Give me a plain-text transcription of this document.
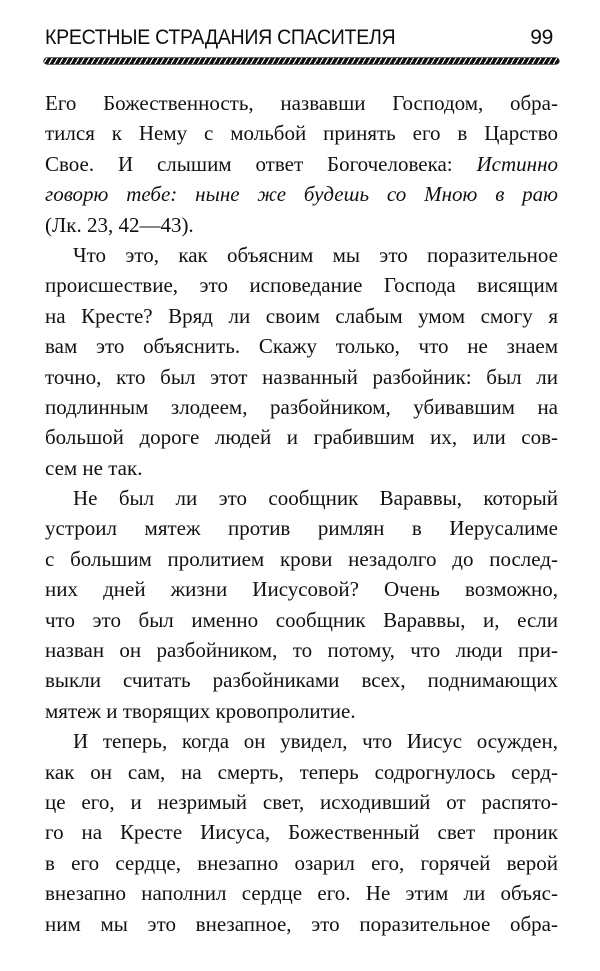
КРЕСТНЫЕ СТРАДАНИЯ СПАСИТЕЛЯ	99
Его Божественность, назвавши Господом, обра-
тился к Нему с мольбой принять его в Царство
Свое. И слышим ответ Богочеловека: Истинно
говорю тебе: ныне же будешь со Мною в раю
(Лк. 23, 42—43).
Что это, как объясним мы это поразительное
происшествие, это исповедание Господа висящим
на Кресте? Вряд ли своим слабым умом смогу я
вам это объяснить. Скажу только, что не знаем
точно, кто был этот названный разбойник: был ли
подлинным злодеем, разбойником, убивавшим на
большой дороге людей и грабившим их, или сов-
сем не так.
Не был ли это сообщник Вараввы, который
устроил мятеж против римлян в Иерусалиме
с большим пролитием крови незадолго до послед-
них дней жизни Иисусовой? Очень возможно,
что это был именно сообщник Вараввы, и, если
назван он разбойником, то потому, что люди при-
выкли считать разбойниками всех, поднимающих
мятеж и творящих кровопролитие.
И теперь, когда он увидел, что Иисус осужден,
как он сам, на смерть, теперь содрогнулось серд-
це его, и незримый свет, исходивший от распято-
го на Кресте Иисуса, Божественный свет проник
в его сердце, внезапно озарил его, горячей верой
внезапно наполнил сердце его. Не этим ли объяс-
ним мы это внезапное, это поразительное обра-
